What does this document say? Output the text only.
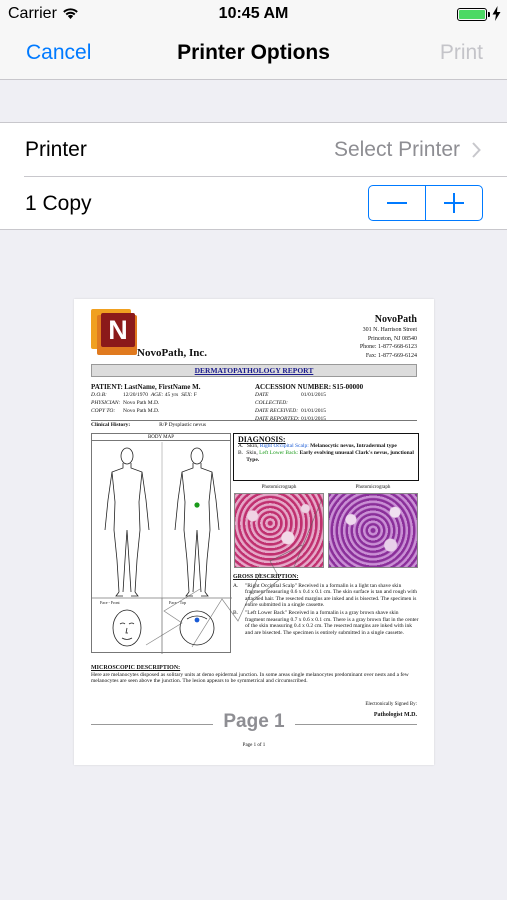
Carrier	10:45 AM
Cancel	Printer Options	Print
Printer	Select Printer
1 Copy
N
NovoPath, Inc.
NovoPath
301 N. Harrison Street
Princeton, NJ 08540
Phone: 1-877-668-6123
Fax: 1-877-669-6124
DERMATOPATHOLOGY REPORT
PATIENT:
LastName, FirstName M.
D.O.B:	12/20/1970
AGE:
45 yrs
SEX:
F
PHYSICIAN: Novo Path M.D.
COPY TO:	Novo Path M.D.
ACCESSION NUMBER:
S15-00000
DATE COLLECTED:
01/01/2015
DATE RECEIVED: 01/01/2015
DATE REPORTED: 01/01/2015
Clinical History:	R/P Dysplastic nevus
BODY MAP
Face - Front	Face - Top
DIAGNOSIS:
A. Skin, Right Occipital Scalp: Melanocytic nevus, Intradermal type
B. Skin, Left Lower Back: Early evolving unusual Clark's nevus, junctional Type.
Photomicrograph	Photomicrograph
GROSS DESCRIPTION:
A.	"Right Occipital Scalp" Received in a formalin is a light tan shave skin fragment measuring 0.6 x 0.4 x 0.1 cm. The skin surface is tan and rough with attached hair. The resected margins are inked and is bisected. The specimen is entire submitted in a single cassette.
B.	"Left Lower Back" Received in a formalin is a gray brown shave skin fragment measuring 0.7 x 0.6 x 0.1 cm. There is a gray brown flat in the center of the skin measuring 0.4 x 0.2 cm. The resected margins are inked with ink and are bisected. The specimen is entirely submitted in a single cassette.
MICROSCOPIC DESCRIPTION:
Here are melanocytes disposed as solitary units at demo epidermal junction. In some areas single melanocytes predominant over nests and a few melanocytes are seen above the junction. The lesion appears to be symmetrical and circumscribed.
Electronically Signed By:
Pathologist M.D.
Page 1
Page 1 of 1
